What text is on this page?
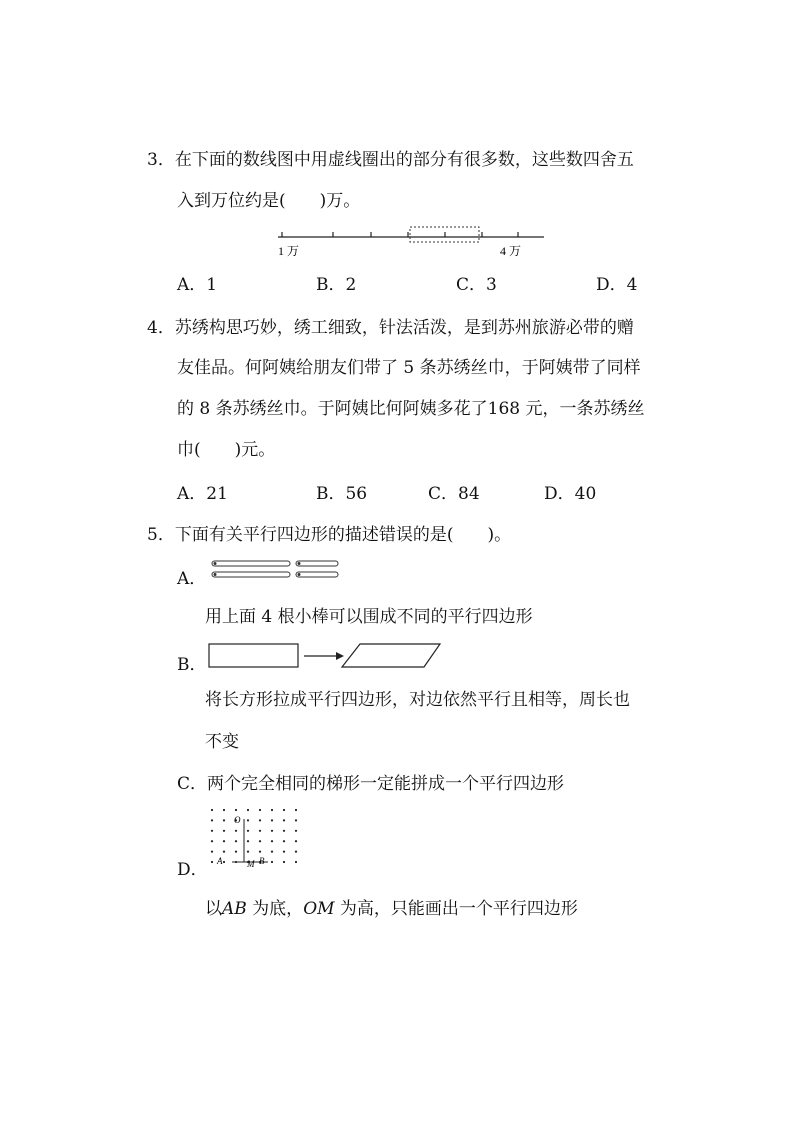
3．在下面的数线图中用虚线圈出的部分有很多数，这些数四舍五
入到万位约是(　　)万。
1 万	4 万
A．1	B．2	C．3	D．4
4．苏绣构思巧妙，绣工细致，针法活泼，是到苏州旅游必带的赠
友佳品。何阿姨给朋友们带了 5 条苏绣丝巾，于阿姨带了同样
的 8 条苏绣丝巾。于阿姨比何阿姨多花了168 元，一条苏绣丝
巾(　　)元。
A．21	B．56	C．84	D．40
5．下面有关平行四边形的描述错误的是(　　)。
A．
用上面 4 根小棒可以围成不同的平行四边形
B．
将长方形拉成平行四边形，对边依然平行且相等，周长也
不变
C．两个完全相同的梯形一定能拼成一个平行四边形
O
A	M B
D．
以AB 为底，OM 为高，只能画出一个平行四边形
